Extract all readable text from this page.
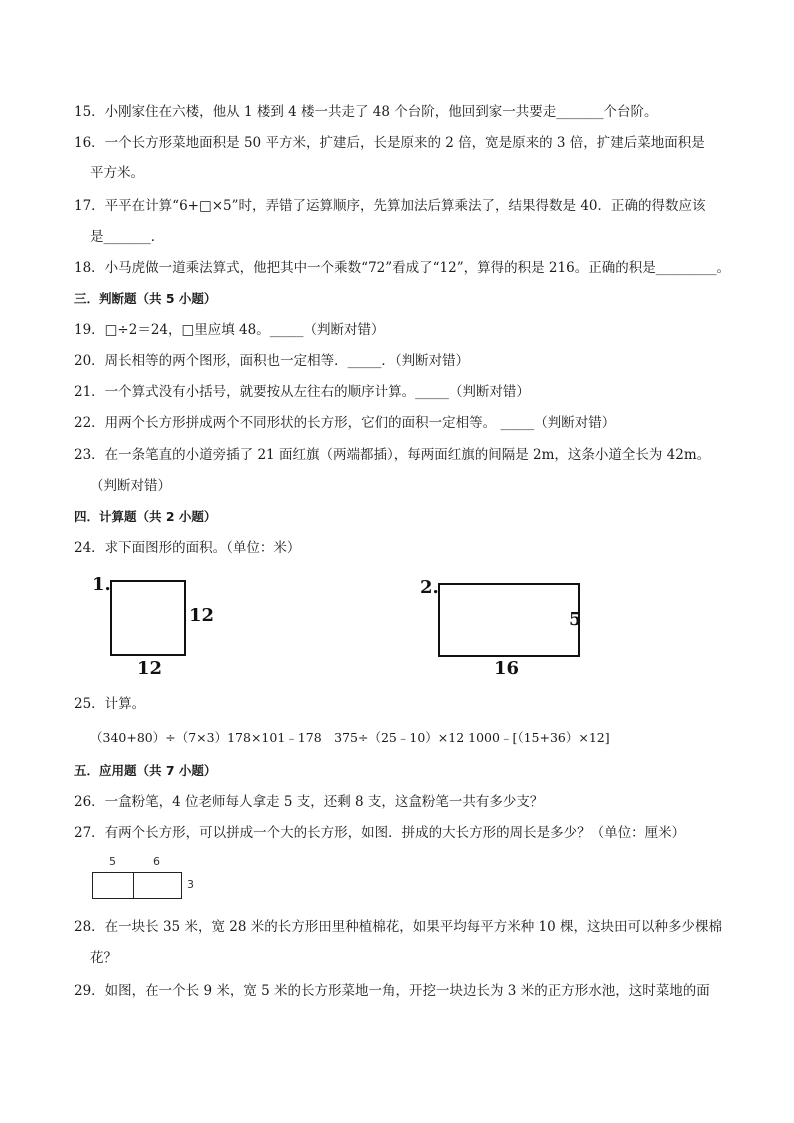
15．小刚家住在六楼，他从 1 楼到 4 楼一共走了 48 个台阶，他回到家一共要走_______个台阶。
16．一个长方形菜地面积是 50 平方米，扩建后，长是原来的 2 倍，宽是原来的 3 倍，扩建后菜地面积是
平方米。
17．平平在计算“6+□×5”时，弄错了运算顺序，先算加法后算乘法了，结果得数是 40．正确的得数应该
是_______．
18．小马虎做一道乘法算式，他把其中一个乘数“72”看成了“12”，算得的积是 216。正确的积是_________。
三．判断题（共 5 小题）
19．□÷2＝24，□里应填 48。_____（判断对错）
20．周长相等的两个图形，面积也一定相等．_____．（判断对错）
21．一个算式没有小括号，就要按从左往右的顺序计算。_____（判断对错）
22．用两个长方形拼成两个不同形状的长方形，它们的面积一定相等。 _____（判断对错）
23．在一条笔直的小道旁插了 21 面红旗（两端都插），每两面红旗的间隔是 2m，这条小道全长为 42m。
（判断对错）
四．计算题（共 2 小题）
24．求下面图形的面积。（单位：米）
1.
12
12
2.
5
16
25．计算。
（340+80）÷（7×3）178×101﹣178　375÷（25﹣10）×12 1000﹣[（15+36）×12]
五．应用题（共 7 小题）
26．一盒粉笔，4 位老师每人拿走 5 支，还剩 8 支，这盒粉笔一共有多少支？
27．有两个长方形，可以拼成一个大的长方形，如图．拼成的大长方形的周长是多少？（单位：厘米）
5	6
3
28．在一块长 35 米，宽 28 米的长方形田里种植棉花，如果平均每平方米种 10 棵，这块田可以种多少棵棉
花？
29．如图，在一个长 9 米，宽 5 米的长方形菜地一角，开挖一块边长为 3 米的正方形水池，这时菜地的面
